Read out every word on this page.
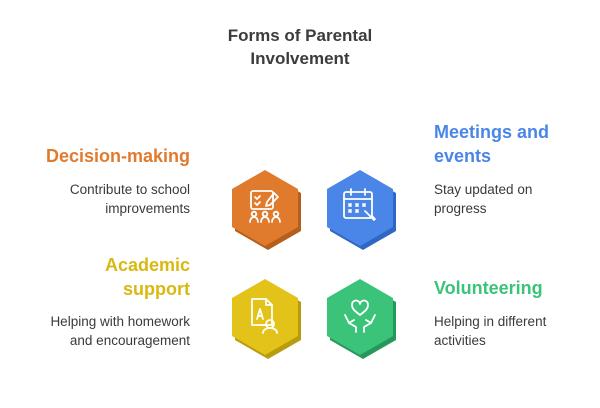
Forms of Parental
Involvement
Decision-making
Contribute to school
improvements
Meetings and
events
Stay updated on
progress
Academic
support
Helping with homework
and encouragement
Volunteering
Helping in different
activities
